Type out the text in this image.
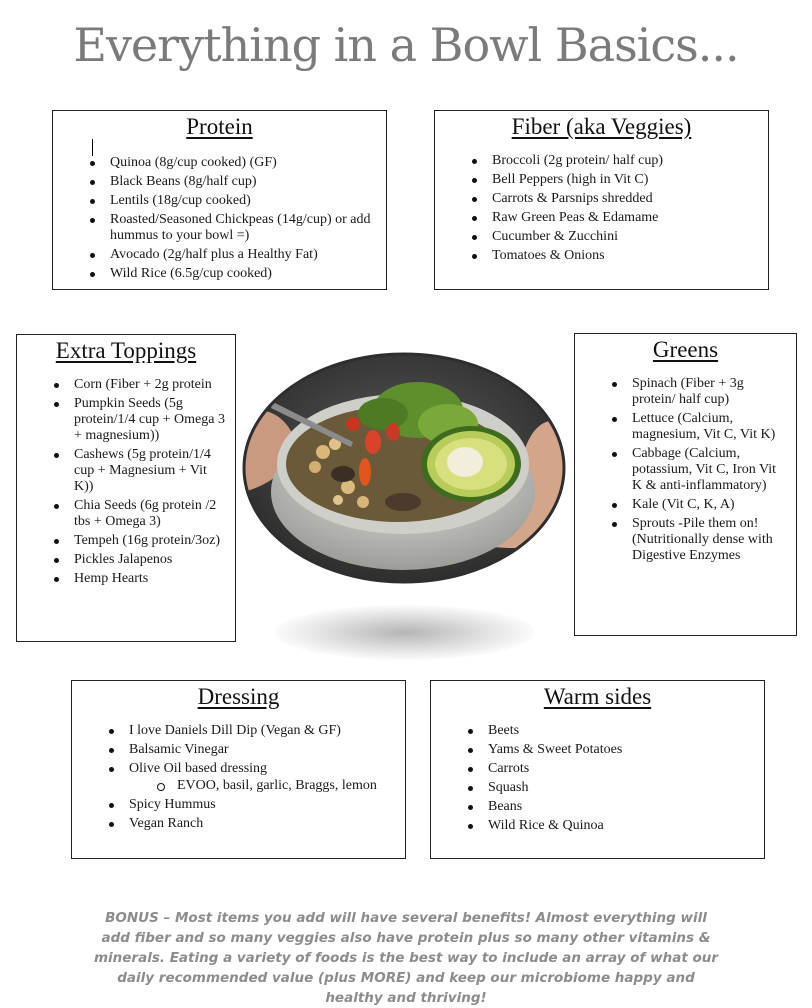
Everything in a Bowl Basics...
Protein
Quinoa (8g/cup cooked) (GF)
Black Beans (8g/half cup)
Lentils (18g/cup cooked)
Roasted/Seasoned Chickpeas (14g/cup) or add hummus to your bowl =)
Avocado (2g/half plus a Healthy Fat)
Wild Rice (6.5g/cup cooked)
Fiber (aka Veggies)
Broccoli (2g protein/ half cup)
Bell Peppers (high in Vit C)
Carrots & Parsnips shredded
Raw Green Peas & Edamame
Cucumber & Zucchini
Tomatoes & Onions
Extra Toppings
Corn (Fiber + 2g protein
Pumpkin Seeds (5g protein/1/4 cup + Omega 3 + magnesium))
Cashews (5g protein/1/4 cup + Magnesium + Vit K))
Chia Seeds (6g protein /2 tbs + Omega 3)
Tempeh (16g protein/3oz)
Pickles Jalapenos
Hemp Hearts
Greens
Spinach (Fiber + 3g protein/ half cup)
Lettuce (Calcium, magnesium, Vit C, Vit K)
Cabbage (Calcium, potassium, Vit C, Iron Vit K & anti-inflammatory)
Kale (Vit C, K, A)
Sprouts -Pile them on! (Nutritionally dense with Digestive Enzymes
Dressing
I love Daniels Dill Dip (Vegan & GF)
Balsamic Vinegar
Olive Oil based dressing
EVOO, basil, garlic, Braggs, lemon
Spicy Hummus
Vegan Ranch
Warm sides
Beets
Yams & Sweet Potatoes
Carrots
Squash
Beans
Wild Rice & Quinoa
BONUS – Most items you add will have several benefits! Almost everything will add fiber and so many veggies also have protein plus so many other vitamins & minerals. Eating a variety of foods is the best way to include an array of what our daily recommended value (plus MORE) and keep our microbiome happy and healthy and thriving!
